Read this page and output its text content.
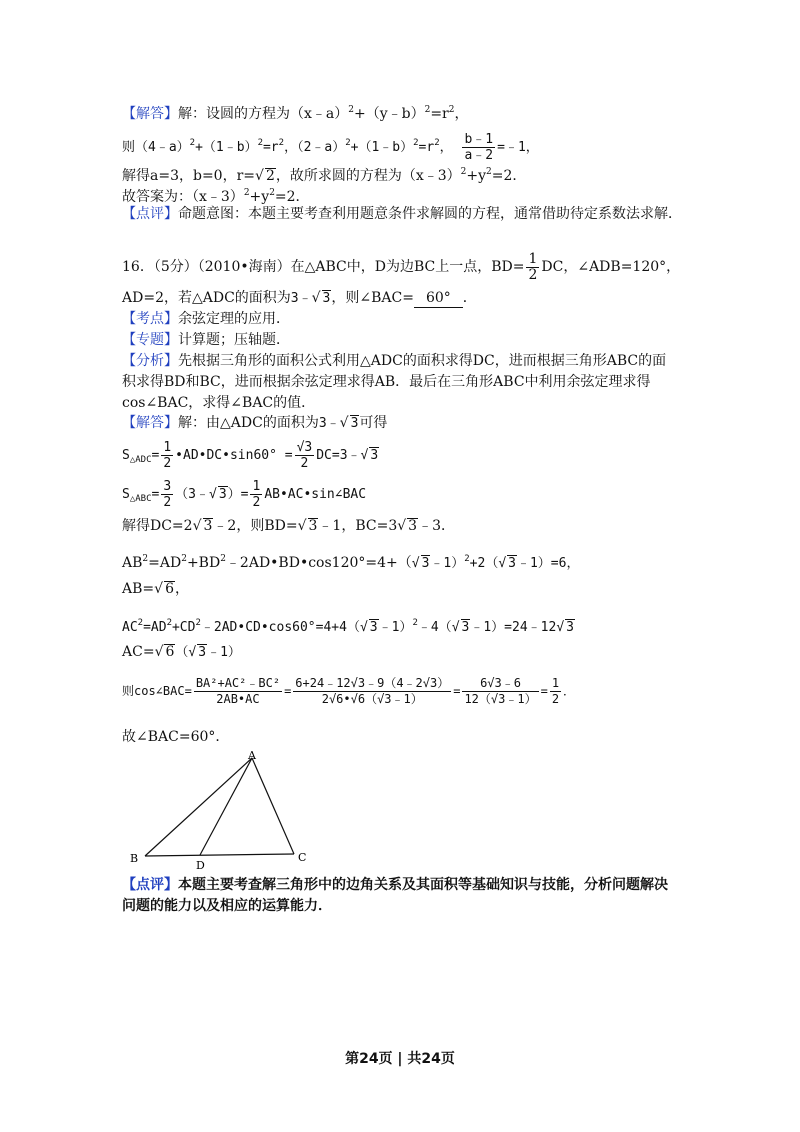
【解答】解：设圆的方程为$(x﹣a)^2+(y﹣b)^2=r^2$，
则$(4﹣a)^2+(1﹣b)^2=r^2$，$(2﹣a)^2+(1﹣b)^2=r^2$， $\frac{b﹣1}{a﹣2}$ =﹣1，
解得a=3，b=0，r=√ 2，故所求圆的方程为$(x﹣3)^2+y^2=2$．
故答案为：$(x﹣3)^2+y^2=2$．
【点评】命题意图：本题主要考查利用题意条件求解圆的方程，通常借助待定系数法求解．
16．（5分）（2010•海南）在△ABC中，D为边BC上一点，$BD= \frac{1}{2}$ DC，∠ADB=120°，
AD=2，若△ADC的面积为3﹣√ 3，则∠BAC= 60° ．
【考点】余弦定理的应用．
【专题】计算题；压轴题．
【分析】先根据三角形的面积公式利用△ADC的面积求得DC，进而根据三角形ABC的面
积求得BD和BC，进而根据余弦定理求得AB．最后在三角形ABC中利用余弦定理求得
cos∠BAC，求得∠BAC的值．
【解答】解：由△ADC的面积为3﹣√ 3可得
$S_{\triangle ADC}= \frac{1}{2}$ •AD•DC•sin60° = $\frac{√3}{2}$ DC=3﹣√ 3
$S_{\triangle ABC}= \frac{3}{2}$ （3﹣√ $3)= \frac{1}{2}$ AB•AC•sin∠BAC
解得DC=2√ 3﹣2，则BD=√ 3﹣1，BC=3√ 3﹣3．
$AB^2=AD^2+BD^2﹣2AD•BD•\cos 120^\circ=4+(√$ 3﹣1）$^2$+2（√ 3﹣1）=6，
AB=√ 6，
$AC^2=AD^2+CD^2﹣2AD•CD•\cos 60^\circ=4+4(√$ 3﹣1）$^2$﹣4（√ 3﹣1）=24﹣12√ 3
AC=√ 6（√ 3﹣1）
则cos∠BAC= $\frac{\text{BA²+AC²﹣BC²}}{2AB•AC} = \frac{6+24﹣12√3﹣9(4﹣2√3)}{2√6•√6(√3﹣1)} = \frac{6√3﹣6}{12(√3﹣1)} = \frac{1}{2}$ ．
故∠BAC=60°．
A
B	C
D
【点评】本题主要考查解三角形中的边角关系及其面积等基础知识与技能，分析问题解决
问题的能力以及相应的运算能力．
第24页 | 共24页
